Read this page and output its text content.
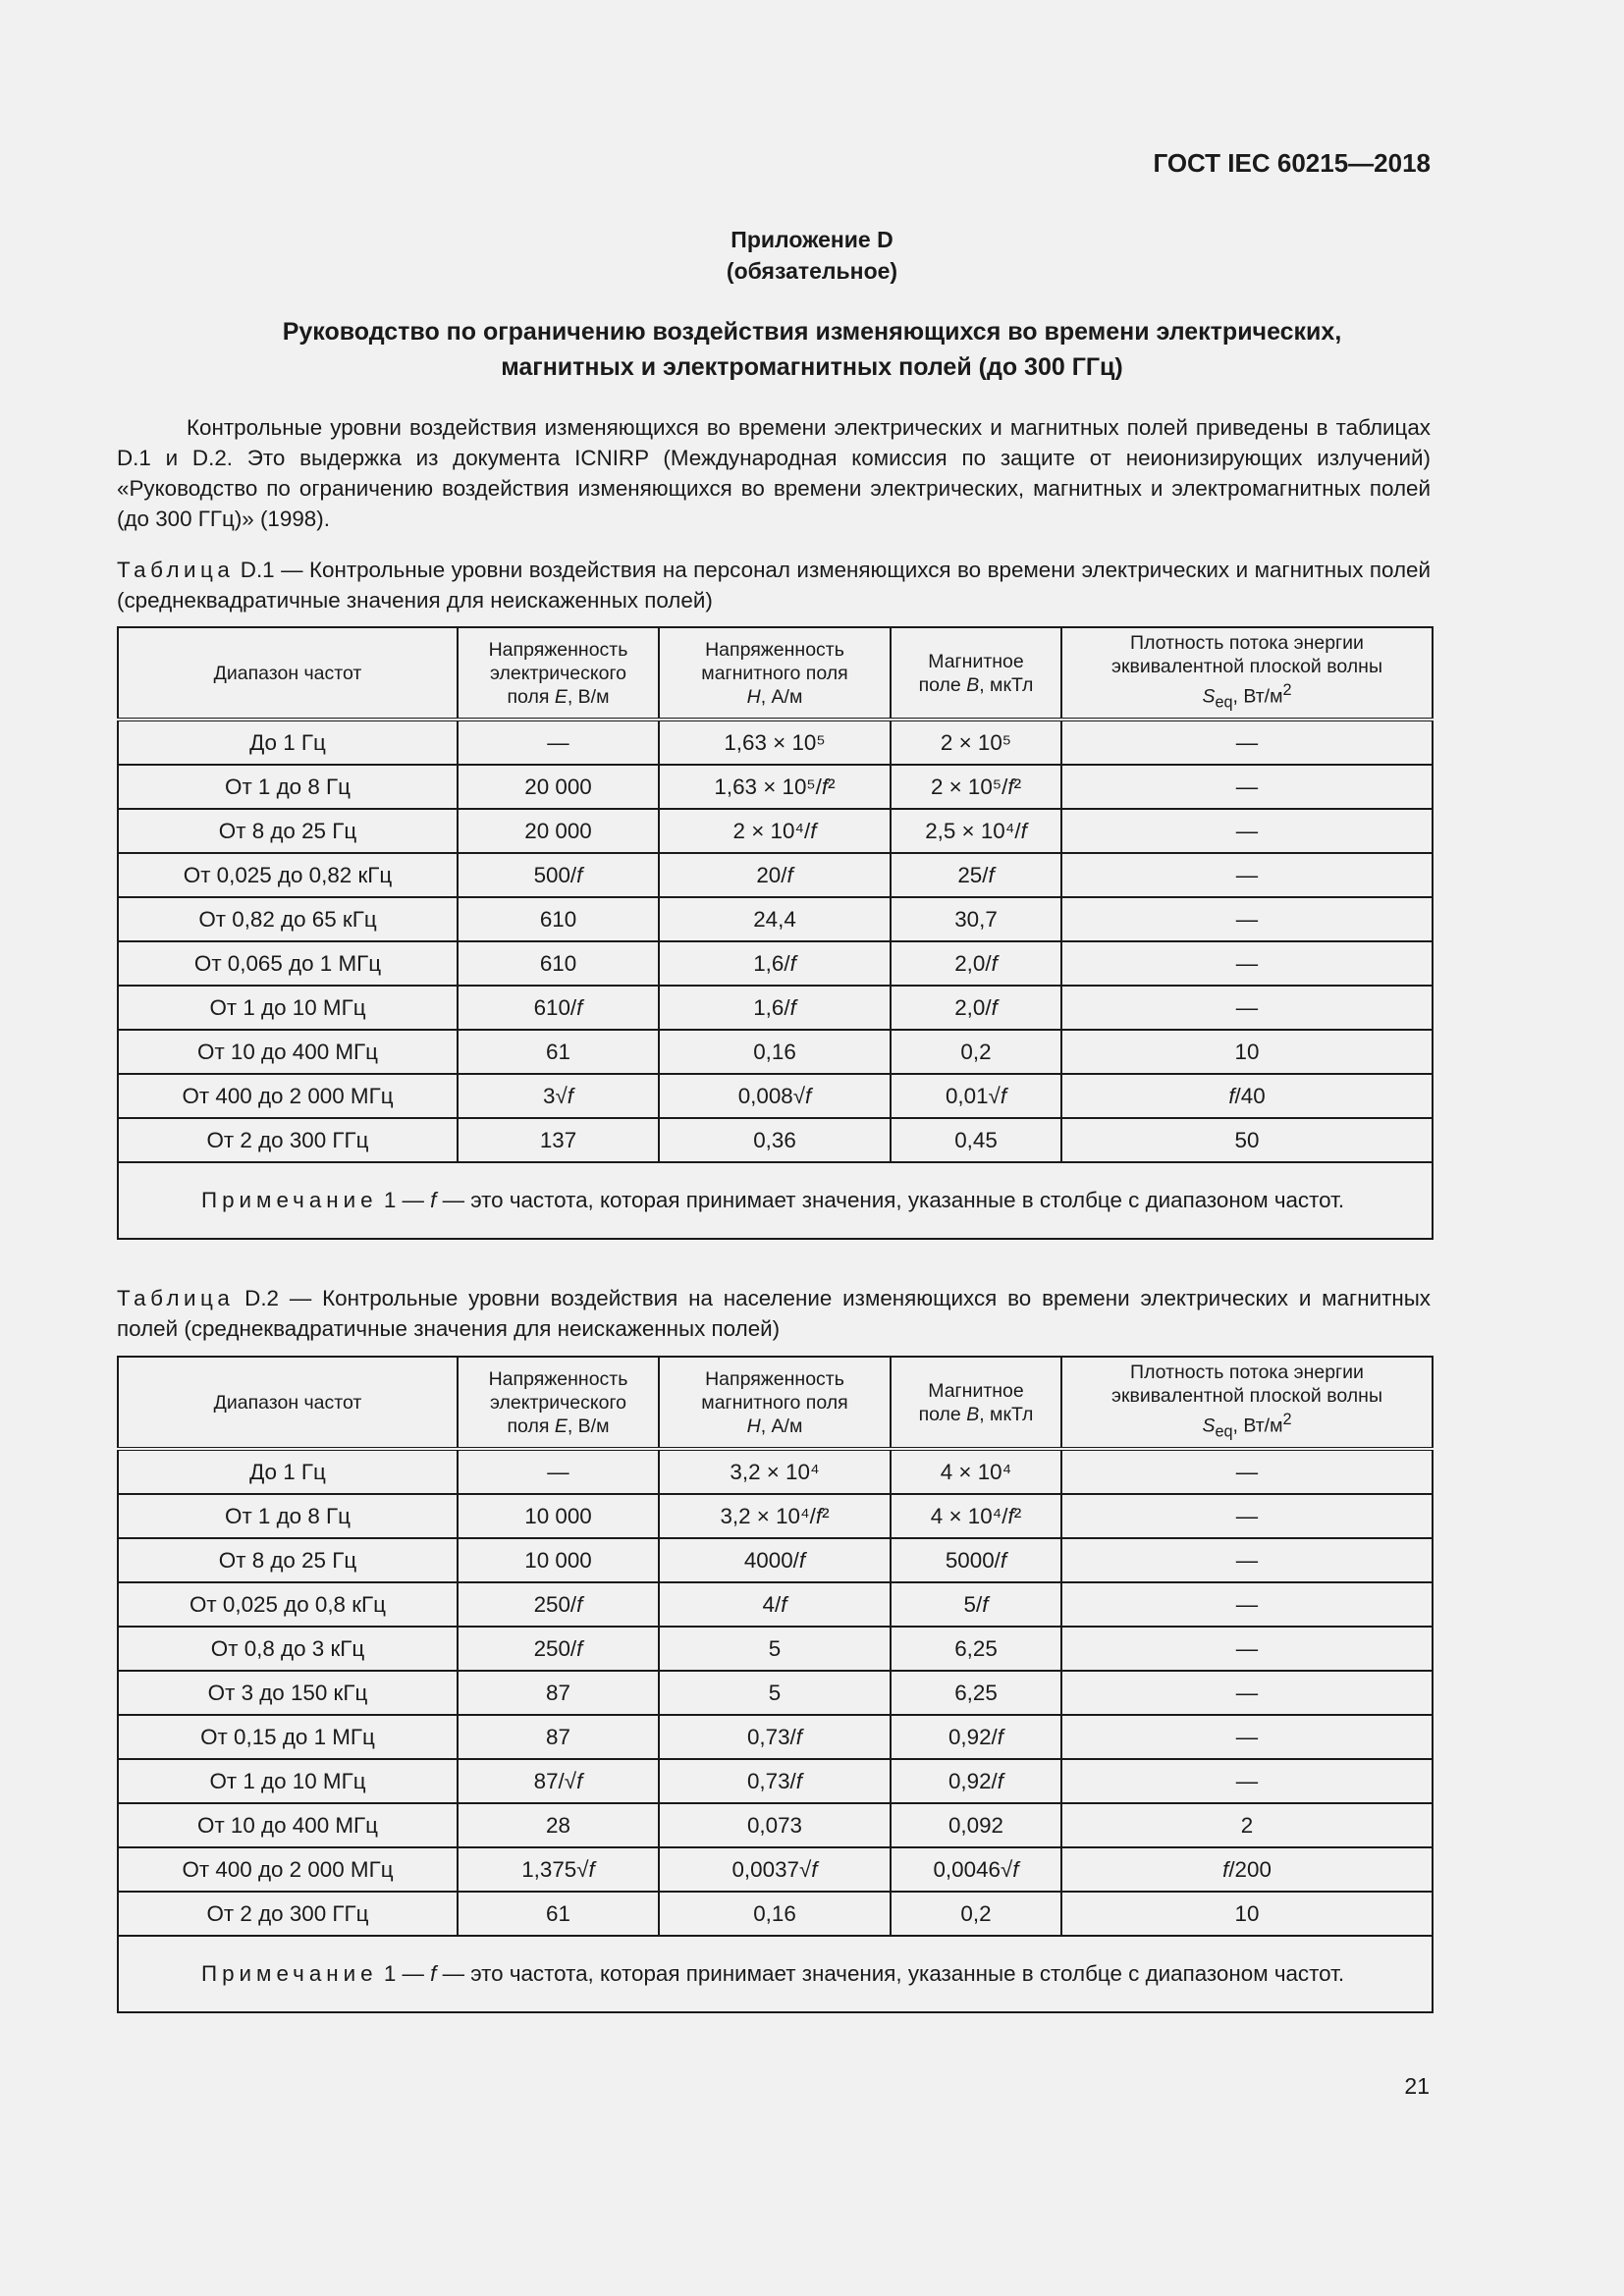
ГОСТ IEC 60215—2018

Приложение D
(обязательное)
Руководство по ограничению воздействия изменяющихся во времени электрических,
магнитных и электромагнитных полей (до 300 ГГц)

Контрольные уровни воздействия изменяющихся во времени электрических и магнитных полей приведены в таблицах D.1 и D.2. Это выдержка из документа ICNIRP (Международная комиссия по защите от неионизирующих излучений) «Руководство по ограничению воздействия изменяющихся во времени электрических, магнитных и электромагнитных полей (до 300 ГГц)» (1998).

Таблица D.1 — Контрольные уровни воздействия на персонал изменяющихся во времени электрических и магнитных полей (среднеквадратичные значения для неискаженных полей)

Диапазон частот	Напряженность
электрического
поля E, В/м	Напряженность
магнитного поля
H, А/м	Магнитное
поле B, мкТл	Плотность потока энергии
эквивалентной плоской волны
$S_{eq}$, $Вт/м^2$
До 1 Гц	—	1,63 × 10⁵	2 × 10⁵	—
От 1 до 8 Гц	20 000	1,63 × 10⁵/f²	2 × 10⁵/f²	—
От 8 до 25 Гц	20 000	2 × 10⁴/f	2,5 × 10⁴/f	—
От 0,025 до 0,82 кГц	500/f	20/f	25/f	—
От 0,82 до 65 кГц	610	24,4	30,7	—
От 0,065 до 1 МГц	610	1,6/f	2,0/f	—
От 1 до 10 МГц	610/f	1,6/f	2,0/f	—
От 10 до 400 МГц	61	0,16	0,2	10
От 400 до 2 000 МГц	3√f	0,008√f	0,01√f	f/40
От 2 до 300 ГГц	137	0,36	0,45	50
Примечание 1 — f — это частота, которая принимает значения, указанные в столбце с диапазоном частот.				

Таблица D.2 — Контрольные уровни воздействия на население изменяющихся во времени электрических и магнитных полей (среднеквадратичные значения для неискаженных полей)

Диапазон частот	Напряженность
электрического
поля E, В/м	Напряженность
магнитного поля
H, А/м	Магнитное
поле B, мкТл	Плотность потока энергии
эквивалентной плоской волны
$S_{eq}$, $Вт/м^2$
До 1 Гц	—	3,2 × 10⁴	4 × 10⁴	—
От 1 до 8 Гц	10 000	3,2 × 10⁴/f²	4 × 10⁴/f²	—
От 8 до 25 Гц	10 000	4000/f	5000/f	—
От 0,025 до 0,8 кГц	250/f	4/f	5/f	—
От 0,8 до 3 кГц	250/f	5	6,25	—
От 3 до 150 кГц	87	5	6,25	—
От 0,15 до 1 МГц	87	0,73/f	0,92/f	—
От 1 до 10 МГц	87/√f	0,73/f	0,92/f	—
От 10 до 400 МГц	28	0,073	0,092	2
От 400 до 2 000 МГц	1,375√f	0,0037√f	0,0046√f	f/200
От 2 до 300 ГГц	61	0,16	0,2	10
Примечание 1 — f — это частота, которая принимает значения, указанные в столбце с диапазоном частот.				

21
